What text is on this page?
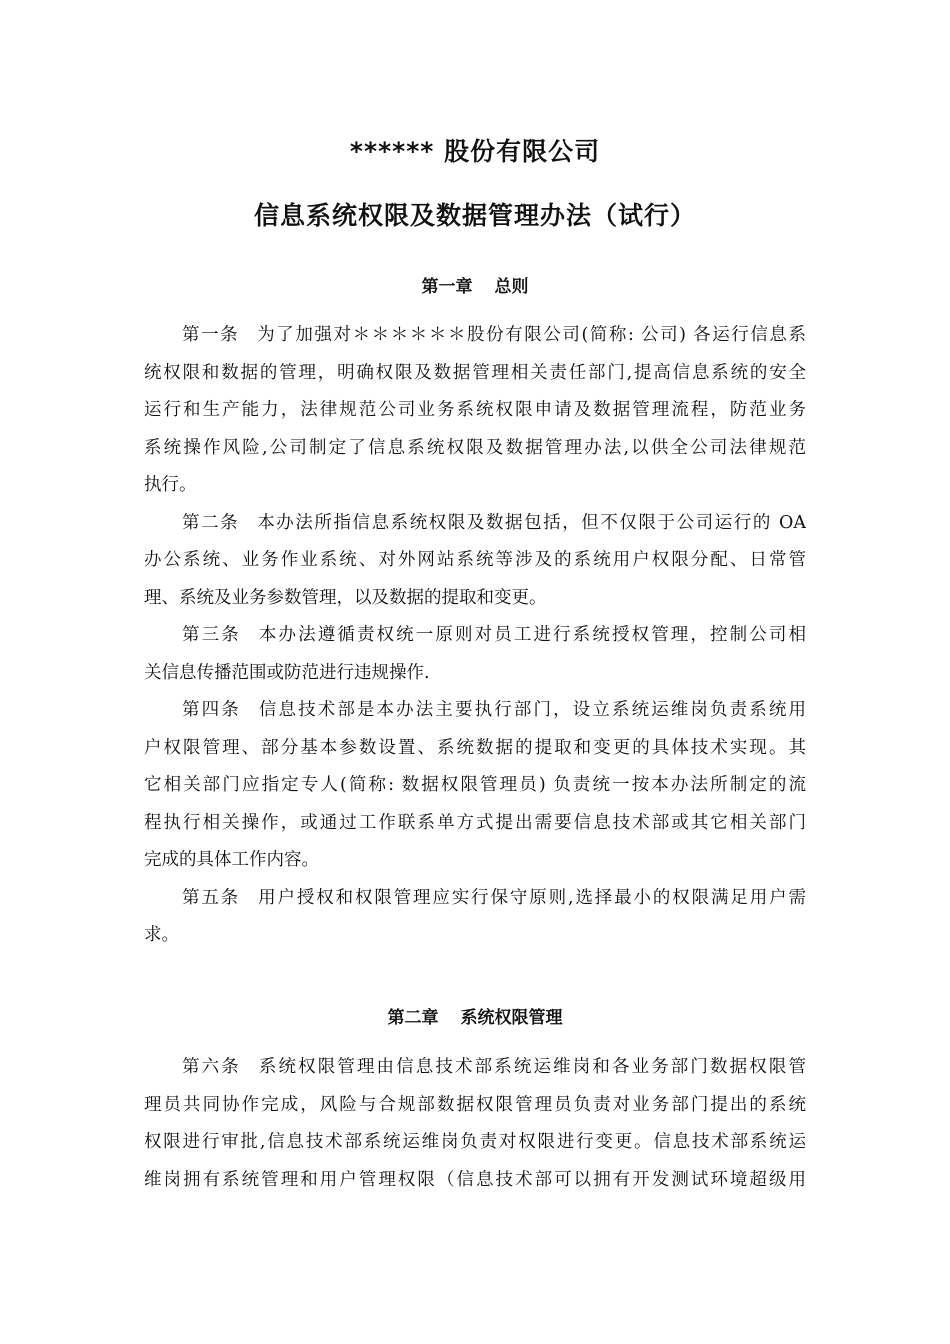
****** 股份有限公司
信息系统权限及数据管理办法（试行）
第一章 总则
第一条 为了加强对＊＊＊＊＊＊股份有限公司(简称: 公司) 各运行信息系
统权限和数据的管理，明确权限及数据管理相关责任部门,提高信息系统的安全
运行和生产能力，法律规范公司业务系统权限申请及数据管理流程，防范业务
系统操作风险,公司制定了信息系统权限及数据管理办法,以供全公司法律规范
执行。
第二条 本办法所指信息系统权限及数据包括，但不仅限于公司运行的 OA
办公系统、业务作业系统、对外网站系统等涉及的系统用户权限分配、日常管
理、系统及业务参数管理，以及数据的提取和变更。
第三条 本办法遵循责权统一原则对员工进行系统授权管理，控制公司相
关信息传播范围或防范进行违规操作.
第四条 信息技术部是本办法主要执行部门，设立系统运维岗负责系统用
户权限管理、部分基本参数设置、系统数据的提取和变更的具体技术实现。其
它相关部门应指定专人(简称: 数据权限管理员) 负责统一按本办法所制定的流
程执行相关操作，或通过工作联系单方式提出需要信息技术部或其它相关部门
完成的具体工作内容。
第五条 用户授权和权限管理应实行保守原则,选择最小的权限满足用户需
求。
第二章 系统权限管理
第六条 系统权限管理由信息技术部系统运维岗和各业务部门数据权限管
理员共同协作完成，风险与合规部数据权限管理员负责对业务部门提出的系统
权限进行审批,信息技术部系统运维岗负责对权限进行变更。信息技术部系统运
维岗拥有系统管理和用户管理权限（信息技术部可以拥有开发测试环境超级用
